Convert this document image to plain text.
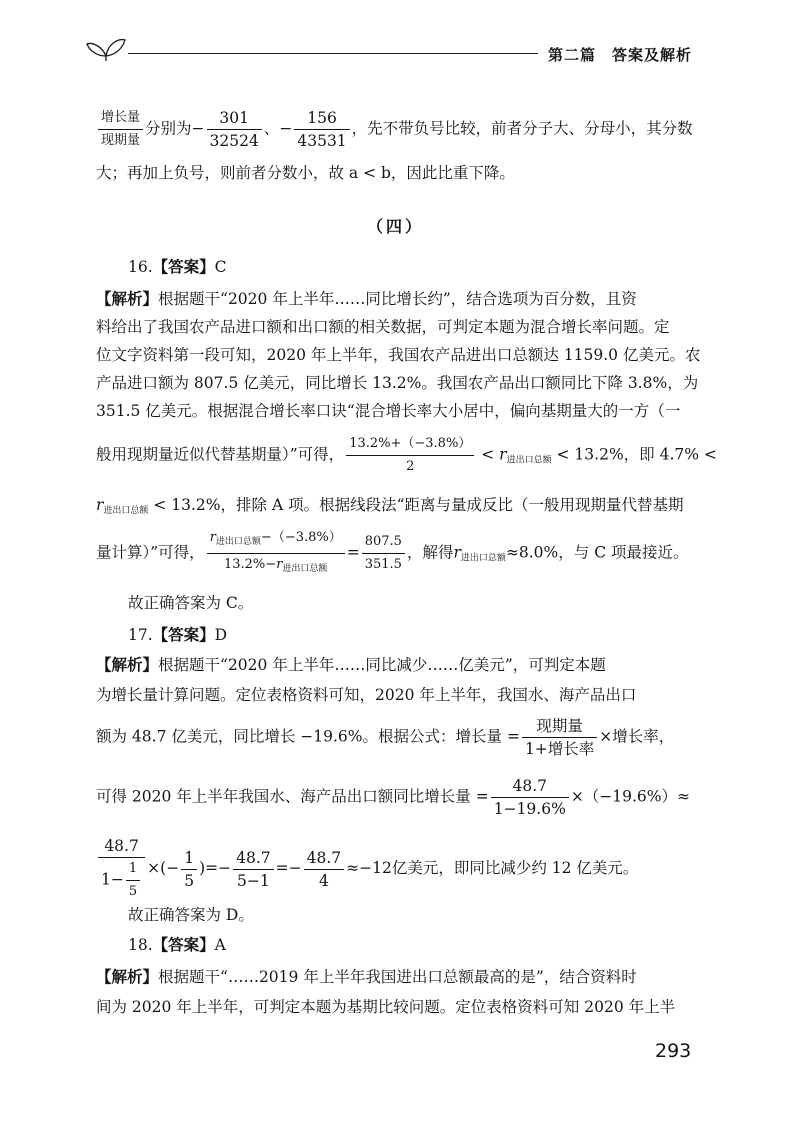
第二篇　答案及解析
$\frac{\text{增长量}}{\text{现期量}}$ 分别为− $\frac{301}{32524}$ 、− $\frac{156}{43531}$ ，先不带负号比较，前者分子大、分母小，其分数
大；再加上负号，则前者分数小，故 a < b，因此比重下降。
（四）
16.【答案】C
【解析】根据题干“2020 年上半年……同比增长约”，结合选项为百分数，且资
料给出了我国农产品进口额和出口额的相关数据，可判定本题为混合增长率问题。定
位文字资料第一段可知，2020 年上半年，我国农产品进出口总额达 1159.0 亿美元。农
产品进口额为 807.5 亿美元，同比增长 13.2%。我国农产品出口额同比下降 3.8%，为
351.5 亿美元。根据混合增长率口诀“混合增长率大小居中，偏向基期量大的一方（一
般用现期量近似代替基期量）”可得， $\frac{13.2\%+(-3.8\%)}{2} < r_{进出口总额} < 13.2\%$，即 4.7% <
$r_{进出口总额} < 13.2\%$，排除 A 项。根据线段法“距离与量成反比（一般用现期量代替基期
量计算）”可得， $\frac{r_{进出口总额}-(-3.8\%)}{13.2\%-r_{进出口总额}} = \frac{807.5}{351.5}$ ，解得$r_{进出口总额}\approx 8.0\%$，与 C 项最接近。
故正确答案为 C。
17.【答案】D
【解析】根据题干“2020 年上半年……同比减少……亿美元”，可判定本题
为增长量计算问题。定位表格资料可知，2020 年上半年，我国水、海产品出口
额为 48.7 亿美元，同比增长 −19.6%。根据公式：增长量 = $\frac{\text{现期量}}{\text{1+增长率}}$ ×增长率，
可得 2020 年上半年我国水、海产品出口额同比增长量 = $\frac{48.7}{1-19.6\%} \times(-19.6\%)\approx$
$\frac{48.7}{1- \frac{1}{5}}$ ×(− $\frac{1}{5}$ )=− $\frac{48.7}{5-1} =- \frac{48.7}{4} \approx-12$亿美元，即同比减少约 12 亿美元。
故正确答案为 D。
18.【答案】A
【解析】根据题干“……2019 年上半年我国进出口总额最高的是”，结合资料时
间为 2020 年上半年，可判定本题为基期比较问题。定位表格资料可知 2020 年上半
293
